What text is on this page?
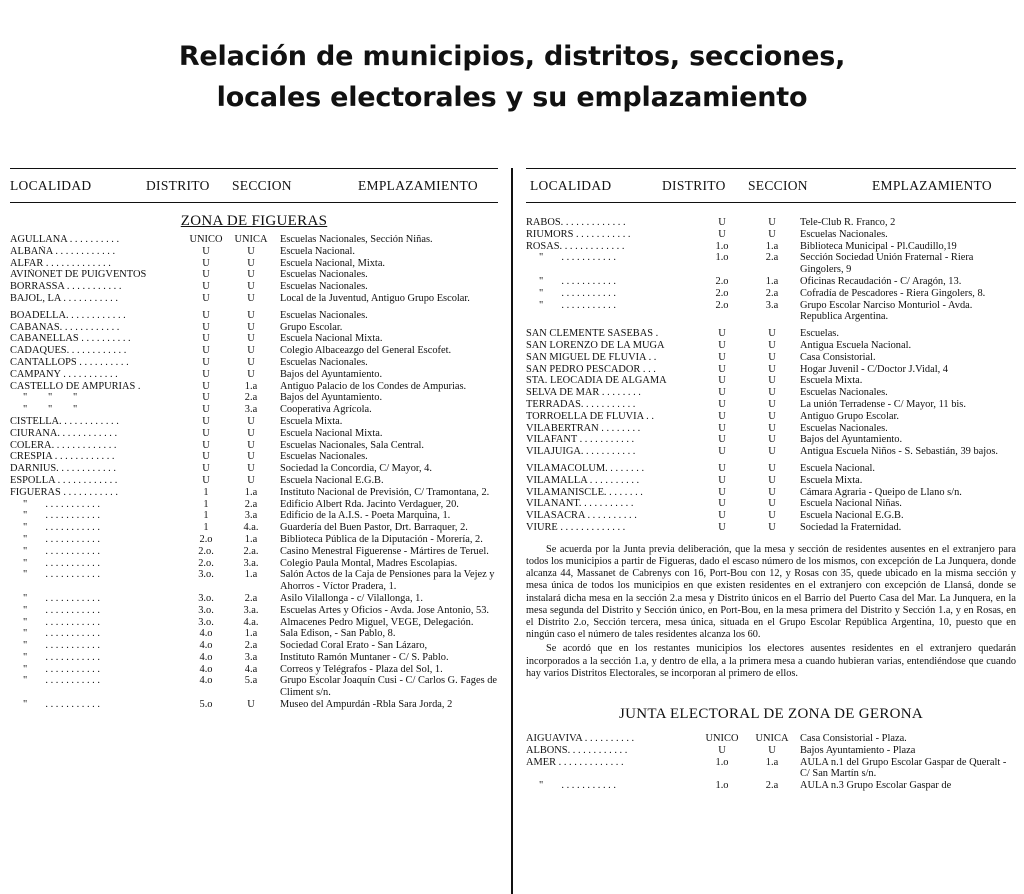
Relación de municipios, distritos, secciones,
locales electorales y su emplazamiento
LOCALIDAD	DISTRITO SECCION	EMPLAZAMIENTO
ZONA DE FIGUERAS
AGULLANA . . . . . . . . . .	UNICO	UNICA	Escuelas Nacionales, Sección Niñas.
ALBAÑA . . . . . . . . . . . .	U	U	Escuela Nacional.
ALFAR . . . . . . . . . . . . .	U	U	Escuela Nacional, Mixta.
AVIÑONET DE PUIGVENTOS	U	U	Escuelas Nacionales.
BORRASSA . . . . . . . . . . .	U	U	Escuelas Nacionales.
BAJOL, LA . . . . . . . . . . .	U	U	Local de la Juventud, Antiguo Grupo Escolar.
BOADELLA. . . . . . . . . . . .	U	U	Escuelas Nacionales.
CABANAS. . . . . . . . . . . .	U	U	Grupo Escolar.
CABANELLAS . . . . . . . . . .	U	U	Escuela Nacional Mixta.
CADAQUES. . . . . . . . . . . .	U	U	Colegio Albaceazgo del General Escofet.
CANTALLOPS . . . . . . . . . .	U	U	Escuelas Nacionales.
CAMPANY . . . . . . . . . . .	U	U	Bajos del Ayuntamiento.
CASTELLO DE AMPURIAS .	U	1.a	Antiguo Palacio de los Condes de Ampurias.
"        "        "	U	2.a	Bajos del Ayuntamiento.
"        "        "	U	3.a	Cooperativa Agrícola.
CISTELLA. . . . . . . . . . . .	U	U	Escuela Mixta.
CIURANA. . . . . . . . . . . .	U	U	Escuela Nacional Mixta.
COLERA. . . . . . . . . . . . .	U	U	Escuelas Nacionales, Sala Central.
CRESPIA . . . . . . . . . . . .	U	U	Escuelas Nacionales.
DARNIUS. . . . . . . . . . . .	U	U	Sociedad la Concordia, C/ Mayor, 4.
ESPOLLA . . . . . . . . . . . .	U	U	Escuela Nacional E.G.B.
FIGUERAS . . . . . . . . . . .	1	1.a	Instituto Nacional de Previsión, C/ Tramontana, 2.
"       . . . . . . . . . . .	1	2.a	Edificio Albert Rda. Jacinto Verdaguer, 20.
"       . . . . . . . . . . .	1	3.a	Edificio de la A.I.S. - Poeta Marquina, 1.
"       . . . . . . . . . . .	1	4.a.	Guardería del Buen Pastor, Drt. Barraquer, 2.
"       . . . . . . . . . . .	2.o	1.a	Biblioteca Pública de la Diputación - Morería, 2.
"       . . . . . . . . . . .	2.o.	2.a.	Casino Menestral Figuerense - Mártires de Teruel.
"       . . . . . . . . . . .	2.o.	3.a.	Colegio Paula Montal, Madres Escolapias.
"       . . . . . . . . . . .	3.o.	1.a	Salón Actos de la Caja de Pensiones para la Vejez y Ahorros - Víctor Pradera, 1.
"       . . . . . . . . . . .	3.o.	2.a	Asilo Vilallonga - c/ Vilallonga, 1.
"       . . . . . . . . . . .	3.o.	3.a.	Escuelas Artes y Oficios - Avda. Jose Antonio, 53.
"       . . . . . . . . . . .	3.o.	4.a.	Almacenes Pedro Miguel, VEGE, Delegación.
"       . . . . . . . . . . .	4.o	1.a	Sala Edison, - San Pablo, 8.
"       . . . . . . . . . . .	4.o	2.a	Sociedad Coral Erato - San Lázaro,
"       . . . . . . . . . . .	4.o	3.a	Instituto Ramón Muntaner - C/ S. Pablo.
"       . . . . . . . . . . .	4.o	4.a	Correos y Telégrafos - Plaza del Sol, 1.
"       . . . . . . . . . . .	4.o	5.a	Grupo Escolar Joaquín Cusi - C/ Carlos G. Fages de Climent s/n.
"       . . . . . . . . . . .	5.o	U	Museo del Ampurdán -Rbla Sara Jorda, 2
LOCALIDAD	DISTRITO SECCION	EMPLAZAMIENTO
RABOS. . . . . . . . . . . . .	U	U	Tele-Club R. Franco, 2
RIUMORS . . . . . . . . . . .	U	U	Escuelas Nacionales.
ROSAS. . . . . . . . . . . . .	1.o	1.a	Biblioteca Municipal - Pl.Caudillo,19
"       . . . . . . . . . . .	1.o	2.a	Sección Sociedad Unión Fraternal - Riera Gingolers, 9
"       . . . . . . . . . . .	2.o	1.a	Oficinas Recaudación - C/ Aragón, 13.
"       . . . . . . . . . . .	2.o	2.a	Cofradía de Pescadores - Riera Gingolers, 8.
"       . . . . . . . . . . .	2.o	3.a	Grupo Escolar Narciso Monturiol - Avda. Republica Argentina.
SAN CLEMENTE SASEBAS .	U	U	Escuelas.
SAN LORENZO DE LA MUGA	U	U	Antigua Escuela Nacional.
SAN MIGUEL DE FLUVIA . .	U	U	Casa Consistorial.
SAN PEDRO PESCADOR . . .	U	U	Hogar Juvenil - C/Doctor J.Vidal, 4
STA. LEOCADIA DE ALGAMA	U	U	Escuela Mixta.
SELVA DE MAR . . . . . . . .	U	U	Escuelas Nacionales.
TERRADAS. . . . . . . . . . .	U	U	La unión Terradense - C/ Mayor, 11 bis.
TORROELLA DE FLUVIA . .	U	U	Antiguo Grupo Escolar.
VILABERTRAN . . . . . . . .	U	U	Escuelas Nacionales.
VILAFANT . . . . . . . . . . .	U	U	Bajos del Ayuntamiento.
VILAJUIGA. . . . . . . . . . .	U	U	Antigua Escuela Niños - S. Sebastián, 39 bajos.
VILAMACOLUM. . . . . . . .	U	U	Escuela Nacional.
VILAMALLA . . . . . . . . . .	U	U	Escuela Mixta.
VILAMANISCLE. . . . . . . .	U	U	Cámara Agraria - Queipo de Llano s/n.
VILANANT. . . . . . . . . . .	U	U	Escuela Nacional Niñas.
VILASACRA . . . . . . . . . .	U	U	Escuela Nacional E.G.B.
VIURE . . . . . . . . . . . . .	U	U	Sociedad la Fraternidad.

Se acuerda por la Junta previa deliberación, que la mesa y sección de residentes ausentes en el extranjero para todos los municipios a partir de Figueras, dado el escaso número de los mismos, con excepción de La Junquera, donde alcanza 44, Massanet de Cabrenys con 16, Port-Bou con 12, y Rosas con 35, quede ubicado en la misma sección y mesa única de todos los municipios en que existen residentes en el extranjero con excepción de Llansá, donde se instalará dicha mesa en la sección 2.a mesa y Distrito únicos en el Barrio del Puerto Casa del Mar. La Junquera, en la mesa segunda del Distrito y Sección único, en Port-Bou, en la mesa primera del Distrito y Sección 1.a, y en Rosas, en el Distrito 2.o, Sección tercera, mesa única, situada en el Grupo Escolar República Argentina, 10, puesto que en ningún caso el número de tales residentes alcanza los 60.

Se acordó que en los restantes municipios los electores ausentes residentes en el extranjero quedarán incorporados a la sección 1.a, y dentro de ella, a la primera mesa a cuando hubieran varias, entendiéndose que cuando hay varios Distritos Electorales, se incorporan al primero de ellos.

JUNTA ELECTORAL DE ZONA DE GERONA
AIGUAVIVA . . . . . . . . . .	UNICO	UNICA	Casa Consistorial - Plaza.
ALBONS. . . . . . . . . . . .	U	U	Bajos Ayuntamiento - Plaza
AMER . . . . . . . . . . . . .	1.o	1.a	AULA n.1 del Grupo Escolar Gaspar de Queralt - C/ San Martín s/n.
"       . . . . . . . . . . .	1.o	2.a	AULA n.3 Grupo Escolar Gaspar de
